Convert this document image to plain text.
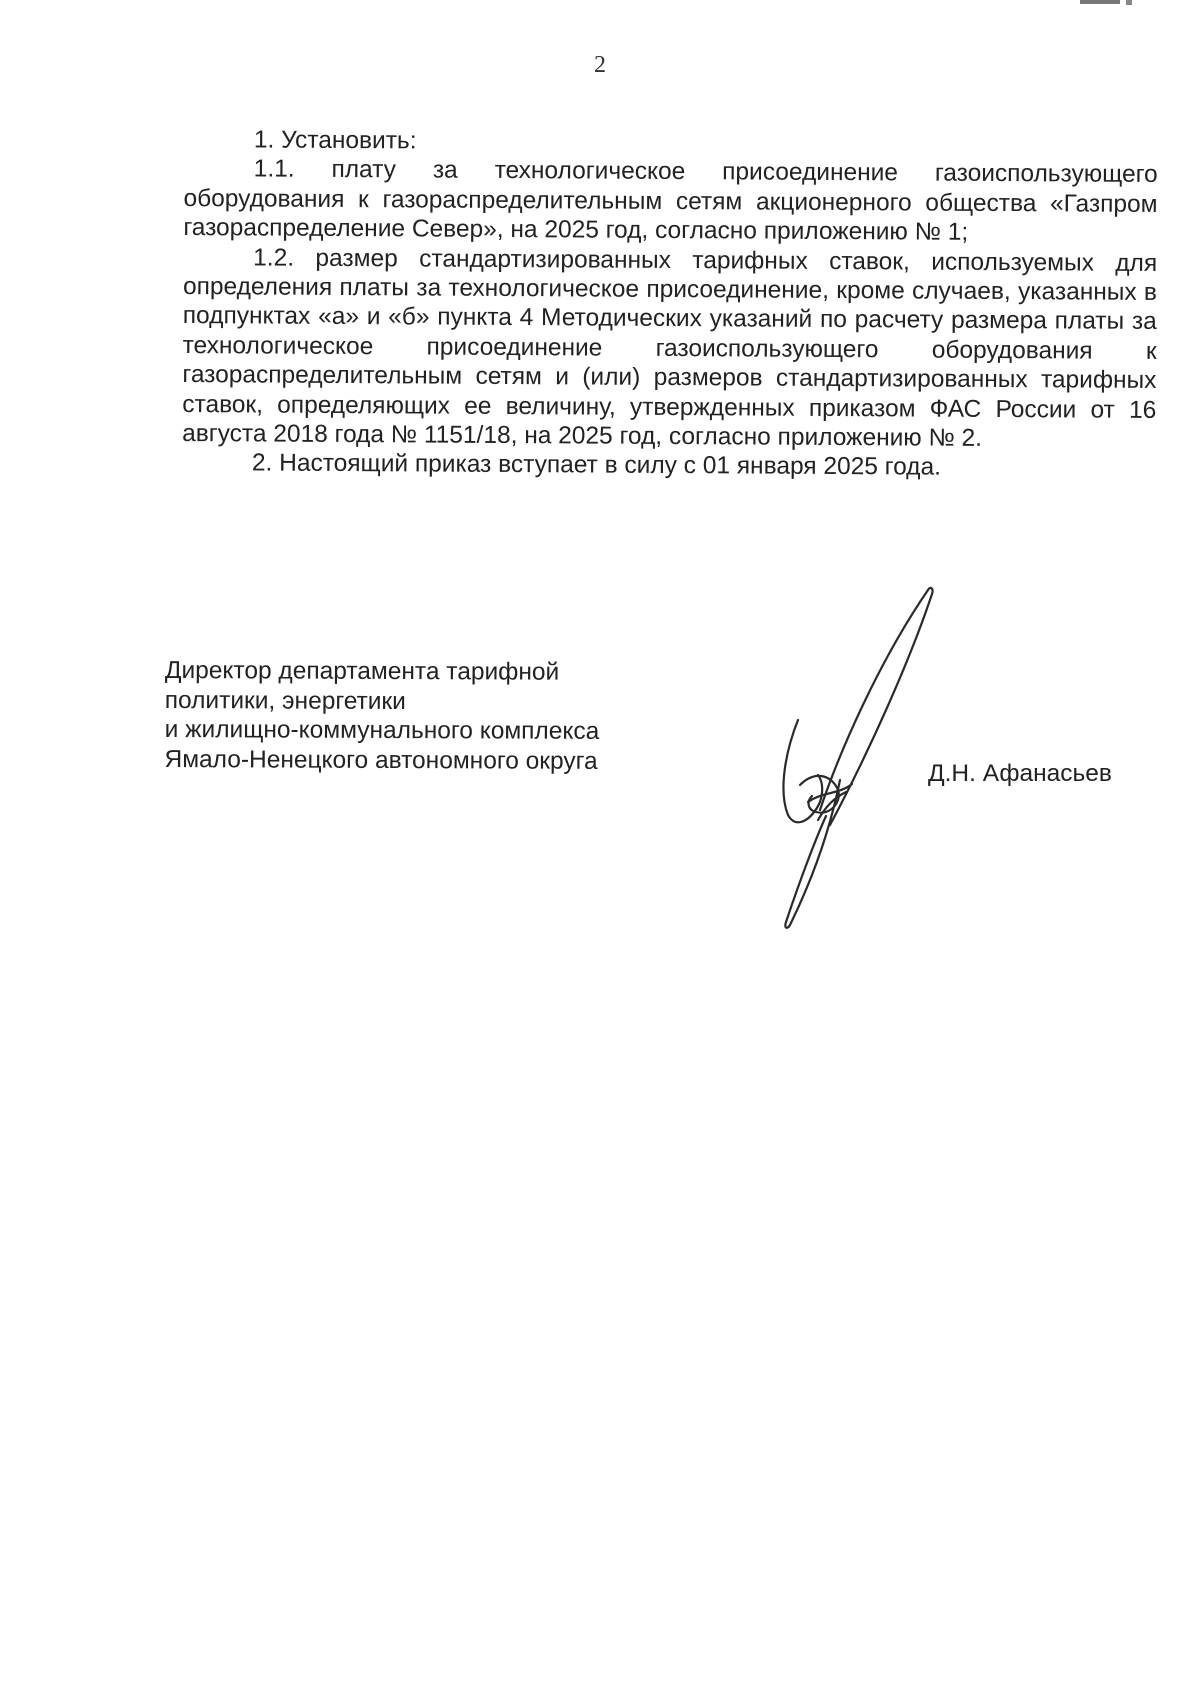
2

1. Установить:

1.1. плату за технологическое присоединение газоиспользующего оборудования к газораспределительным сетям акционерного общества «Газпром газораспределение Север», на 2025 год, согласно приложению № 1;

1.2. размер стандартизированных тарифных ставок, используемых для определения платы за технологическое присоединение, кроме случаев, указанных в подпунктах «а» и «б» пункта 4 Методических указаний по расчету размера платы за технологическое присоединение газоиспользующего оборудования к газораспределительным сетям и (или) размеров стандартизированных тарифных ставок, определяющих ее величину, утвержденных приказом ФАС России от 16 августа 2018 года № 1151/18, на 2025 год, согласно приложению № 2.

2. Настоящий приказ вступает в силу с 01 января 2025 года.

Директор департамента тарифной
политики, энергетики
и жилищно-коммунального комплекса
Ямало-Ненецкого автономного округа	Д.Н. Афанасьев
